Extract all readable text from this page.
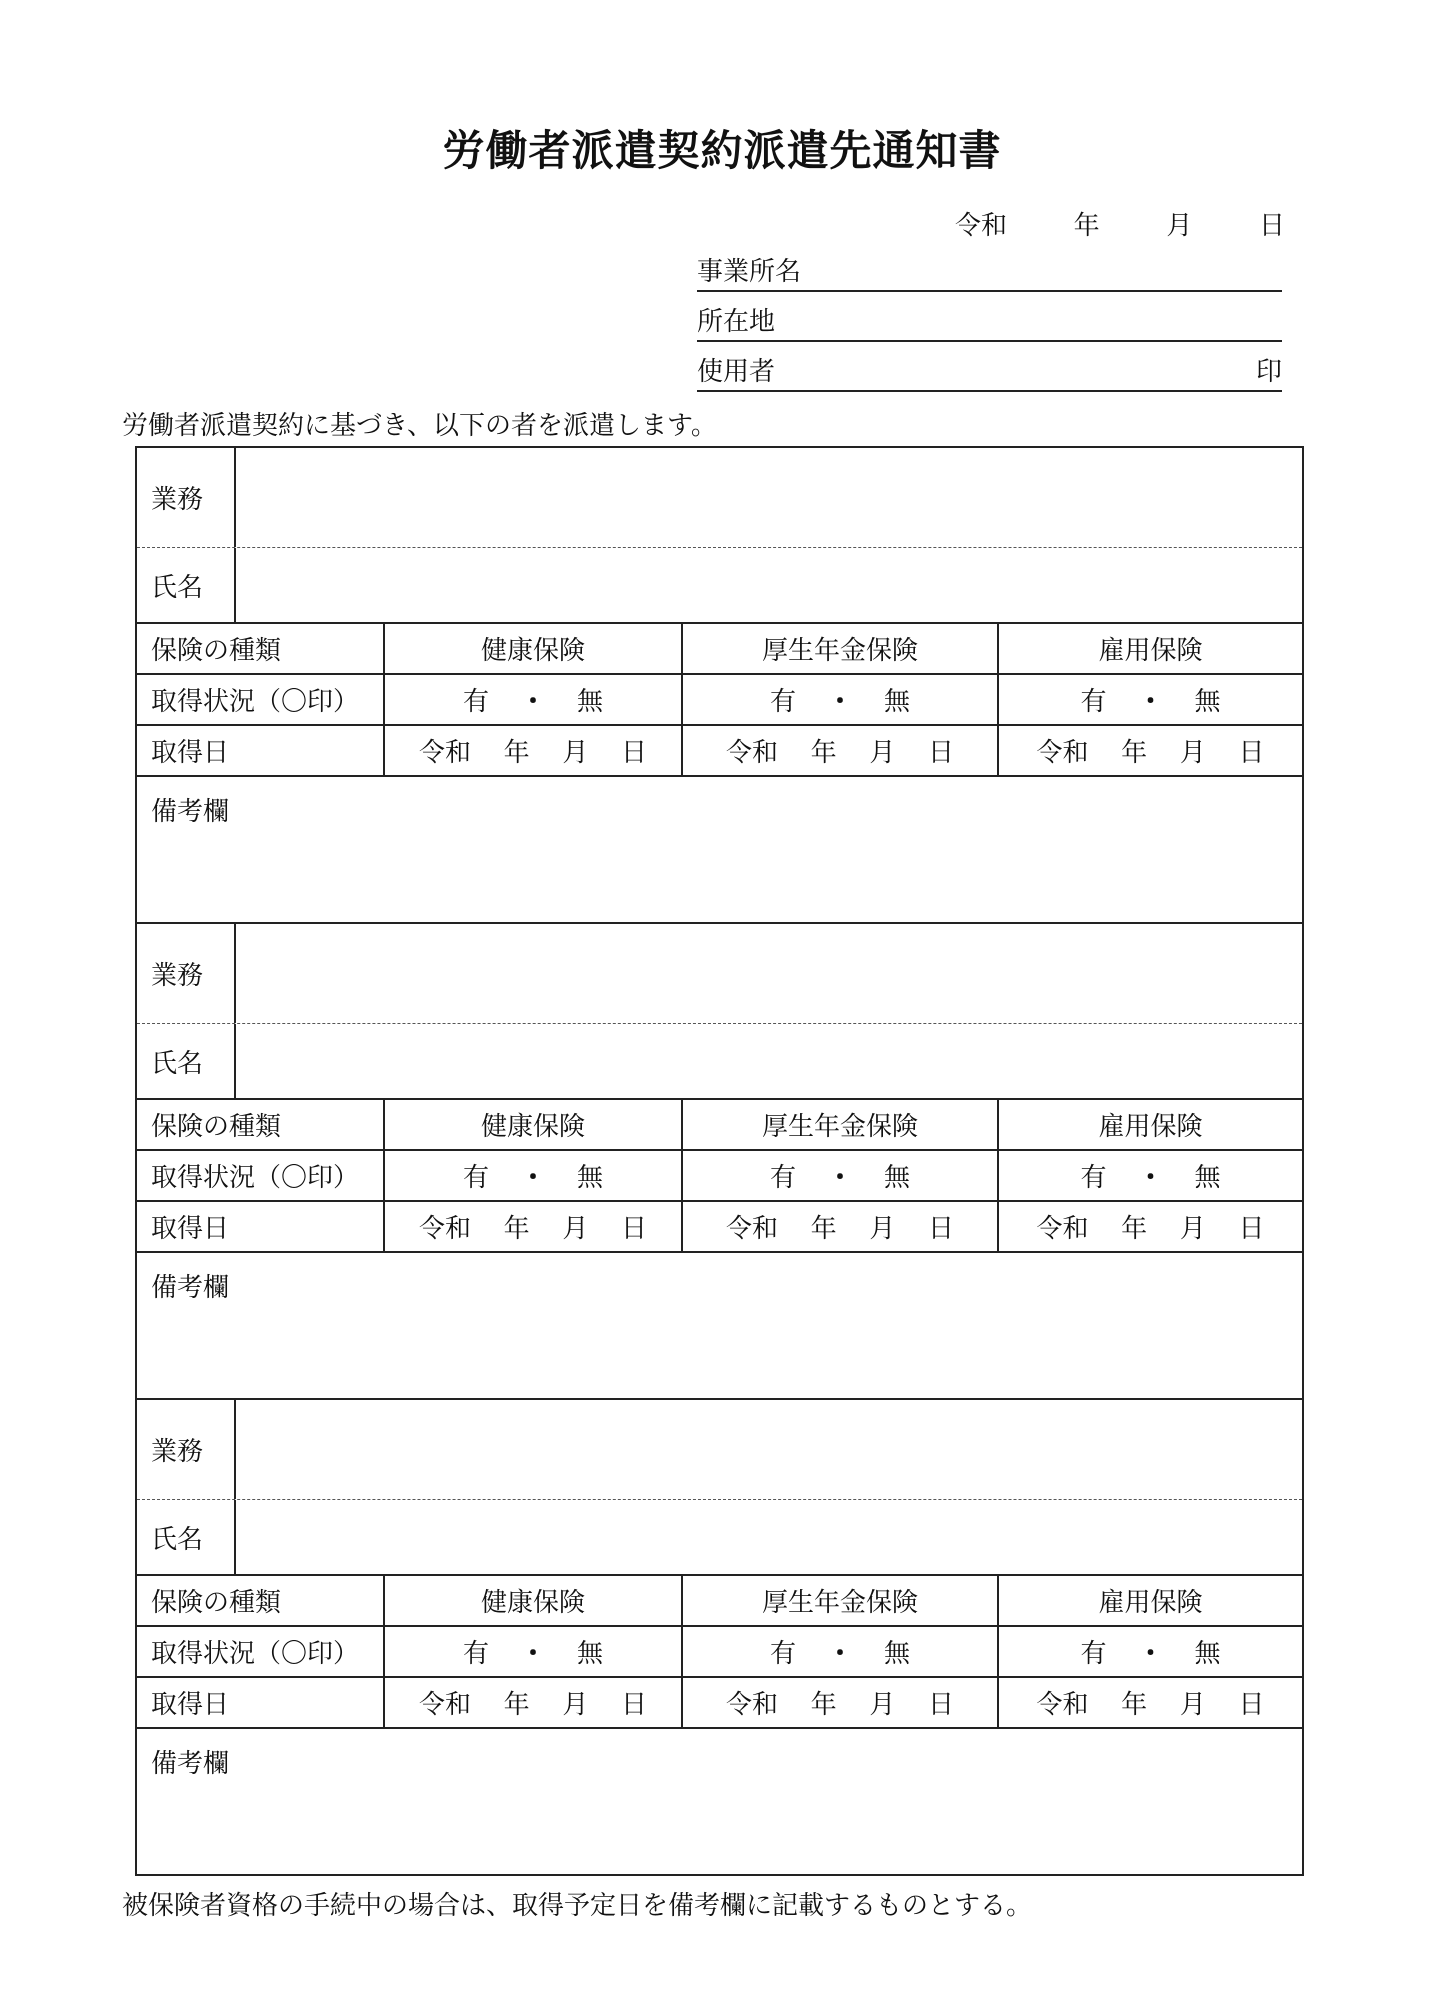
労働者派遣契約派遣先通知書
令和	年	月	日
事業所名
所在地
使用者	印
労働者派遣契約に基づき、以下の者を派遣します。
業務
氏名
保険の種類	健康保険	厚生年金保険	雇用保険
取得状況（〇印）	有 ・ 無	有 ・ 無	有 ・ 無
取得日	令和 年 月 日	令和 年 月 日	令和 年 月 日
備考欄
業務
氏名
保険の種類	健康保険	厚生年金保険	雇用保険
取得状況（〇印）	有 ・ 無	有 ・ 無	有 ・ 無
取得日	令和 年 月 日	令和 年 月 日	令和 年 月 日
備考欄
業務
氏名
保険の種類	健康保険	厚生年金保険	雇用保険
取得状況（〇印）	有 ・ 無	有 ・ 無	有 ・ 無
取得日	令和 年 月 日	令和 年 月 日	令和 年 月 日
備考欄
被保険者資格の手続中の場合は、取得予定日を備考欄に記載するものとする。
